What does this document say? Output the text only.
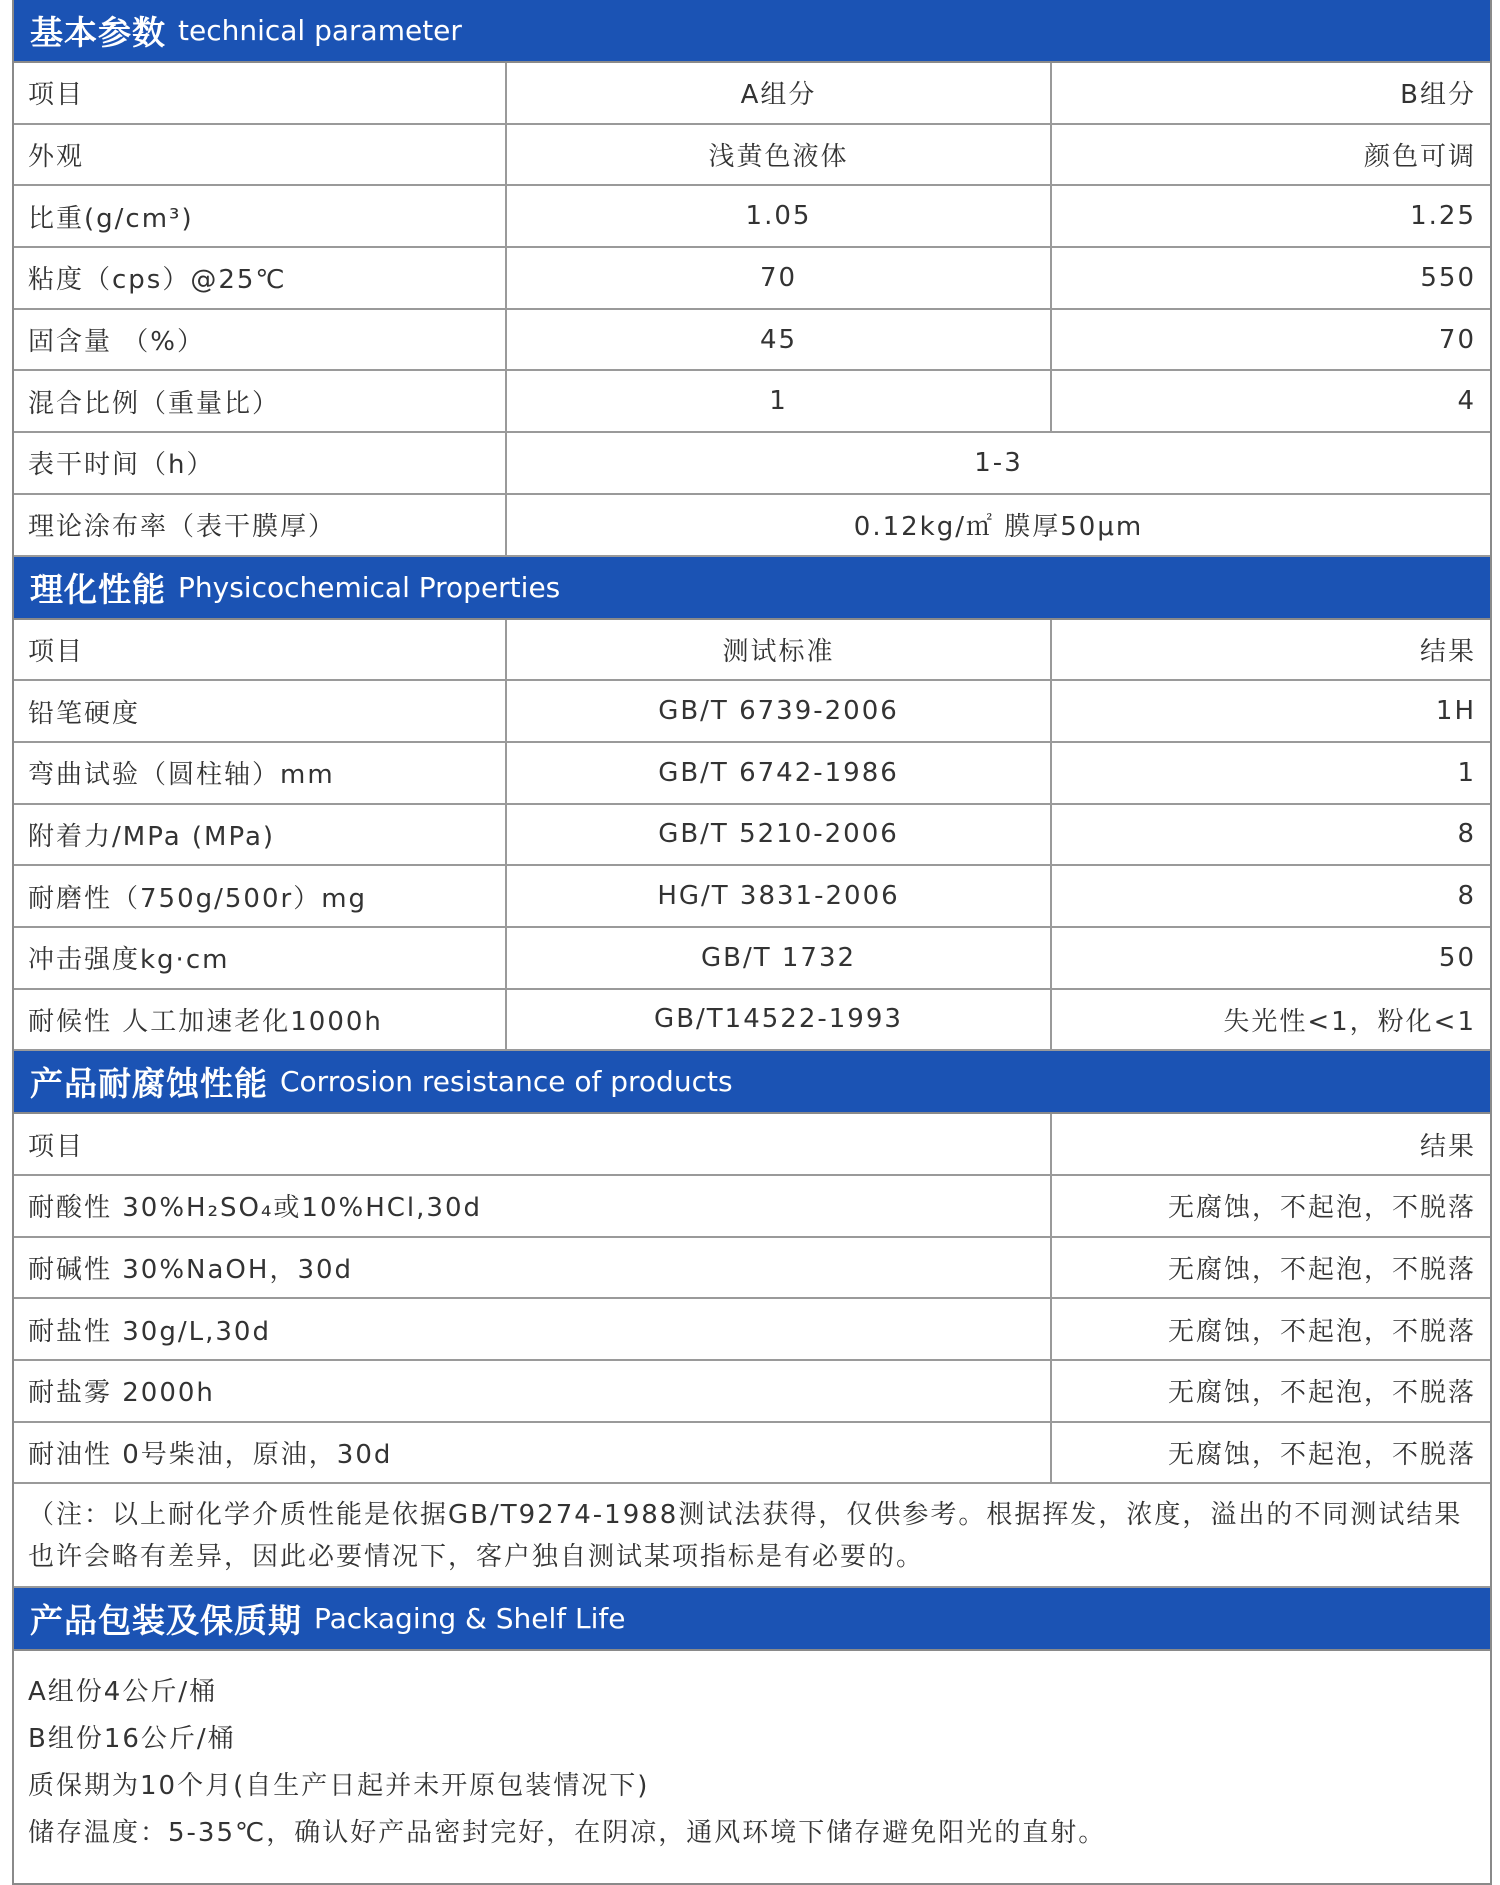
基本参数 technical parameter
项目	A组分	B组分
外观	浅黄色液体	颜色可调
比重(g/cm³)	1.05	1.25
粘度（cps）@25℃	70	550
固含量 （%）	45	70
混合比例（重量比）	1	4
表干时间（h）	1-3
理论涂布率（表干膜厚）	0.12kg/㎡ 膜厚50μm
理化性能 Physicochemical Properties
项目	测试标准	结果
铅笔硬度	GB/T 6739-2006	1H
弯曲试验（圆柱轴）mm	GB/T 6742-1986	1
附着力/MPa (MPa)	GB/T 5210-2006	8
耐磨性（750g/500r）mg	HG/T 3831-2006	8
冲击强度kg·cm	GB/T 1732	50
耐候性 人工加速老化1000h	GB/T14522-1993	失光性<1，粉化<1
产品耐腐蚀性能 Corrosion resistance of products
项目	结果
耐酸性 30%H₂SO₄或10%HCl,30d	无腐蚀，不起泡，不脱落
耐碱性 30%NaOH，30d	无腐蚀，不起泡，不脱落
耐盐性 30g/L,30d	无腐蚀，不起泡，不脱落
耐盐雾 2000h	无腐蚀，不起泡，不脱落
耐油性 0号柴油，原油，30d	无腐蚀，不起泡，不脱落
（注：以上耐化学介质性能是依据GB/T9274-1988测试法获得，仅供参考。根据挥发，浓度，溢出的不同测试结果也许会略有差异，因此必要情况下，客户独自测试某项指标是有必要的。
产品包装及保质期 Packaging & Shelf Life
A组份4公斤/桶
B组份16公斤/桶
质保期为10个月(自生产日起并未开原包装情况下)
储存温度：5-35℃，确认好产品密封完好，在阴凉，通风环境下储存避免阳光的直射。
